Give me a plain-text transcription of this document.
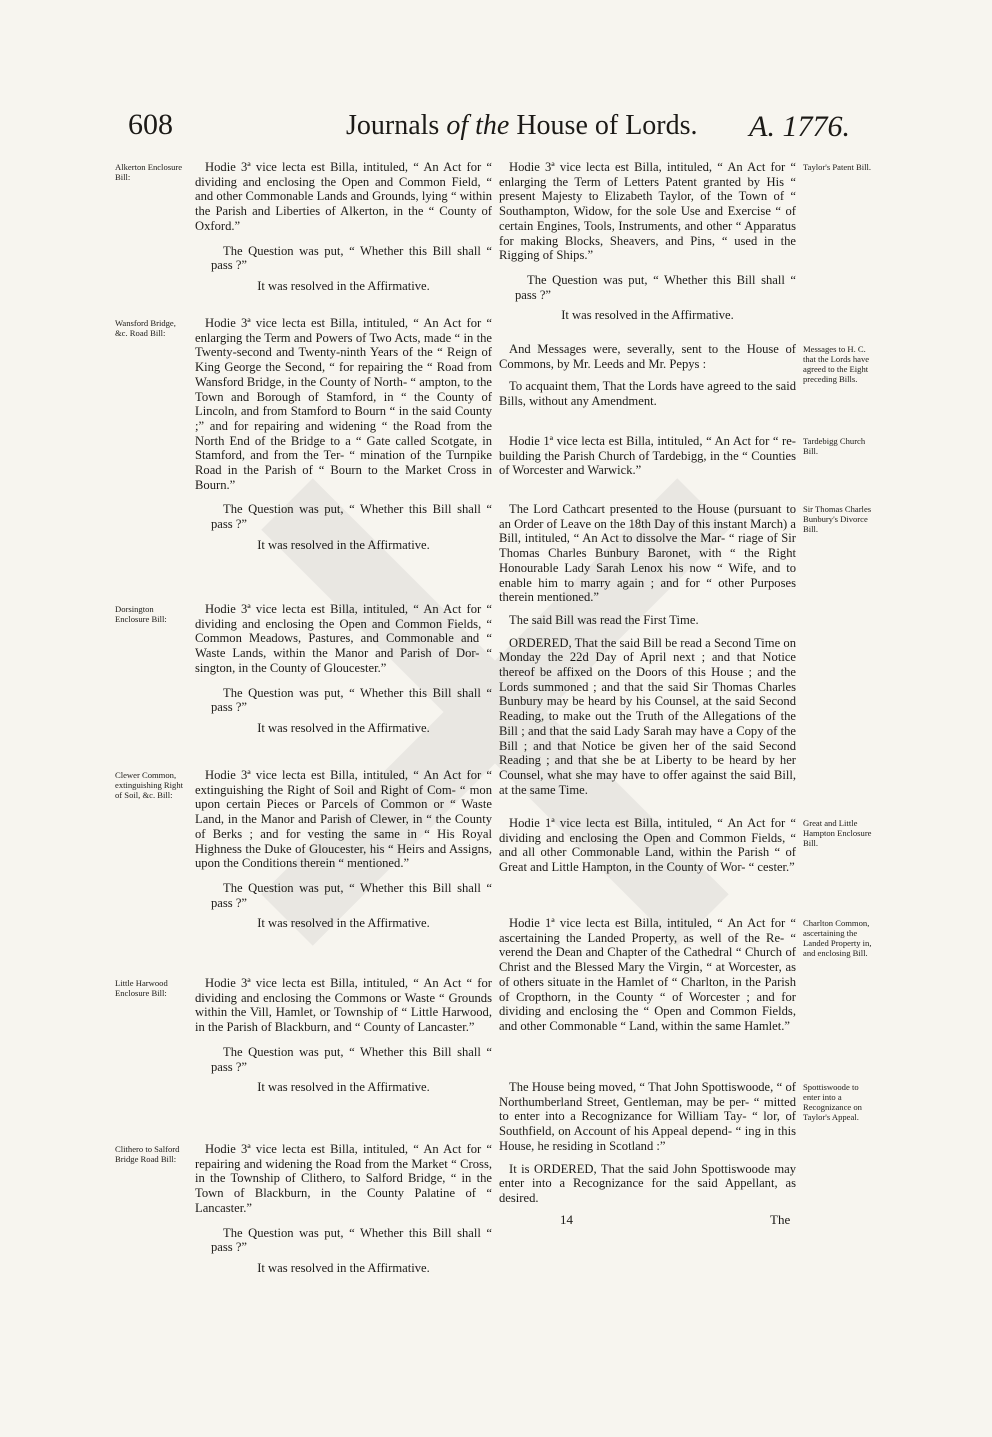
608	Journals of the House of Lords. A. 1776.
Alkerton Enclosure Bill:

Hodie 3ª vice lecta est Billa, intituled, “ An Act for “ dividing and enclosing the Open and Common Field, “ and other Commonable Lands and Grounds, lying “ within the Parish and Liberties of Alkerton, in the “ County of Oxford.”

The Question was put, “ Whether this Bill shall “ pass ?”

It was resolved in the Affirmative.

Wansford Bridge, &c. Road Bill:

Hodie 3ª vice lecta est Billa, intituled, “ An Act for “ enlarging the Term and Powers of Two Acts, made “ in the Twenty-second and Twenty-ninth Years of the “ Reign of King George the Second, “ for repairing the “ Road from Wansford Bridge, in the County of North- “ ampton, to the Town and Borough of Stamford, in “ the County of Lincoln, and from Stamford to Bourn “ in the said County ;” and for repairing and widening “ the Road from the North End of the Bridge to a “ Gate called Scotgate, in Stamford, and from the Ter- “ mination of the Turnpike Road in the Parish of “ Bourn to the Market Cross in Bourn.”

The Question was put, “ Whether this Bill shall “ pass ?”

It was resolved in the Affirmative.

Dorsington Enclosure Bill:

Hodie 3ª vice lecta est Billa, intituled, “ An Act for “ dividing and enclosing the Open and Common Fields, “ Common Meadows, Pastures, and Commonable and “ Waste Lands, within the Manor and Parish of Dor- “ sington, in the County of Gloucester.”

The Question was put, “ Whether this Bill shall “ pass ?”

It was resolved in the Affirmative.

Clewer Common, extinguishing Right of Soil, &c. Bill:

Hodie 3ª vice lecta est Billa, intituled, “ An Act for “ extinguishing the Right of Soil and Right of Com- “ mon upon certain Pieces or Parcels of Common or “ Waste Land, in the Manor and Parish of Clewer, in “ the County of Berks ; and for vesting the same in “ His Royal Highness the Duke of Gloucester, his “ Heirs and Assigns, upon the Conditions therein “ mentioned.”

The Question was put, “ Whether this Bill shall “ pass ?”

It was resolved in the Affirmative.

Little Harwood Enclosure Bill:

Hodie 3ª vice lecta est Billa, intituled, “ An Act “ for dividing and enclosing the Commons or Waste “ Grounds within the Vill, Hamlet, or Township of “ Little Harwood, in the Parish of Blackburn, and “ County of Lancaster.”

The Question was put, “ Whether this Bill shall “ pass ?”

It was resolved in the Affirmative.

Clithero to Salford Bridge Road Bill:

Hodie 3ª vice lecta est Billa, intituled, “ An Act for “ repairing and widening the Road from the Market “ Cross, in the Township of Clithero, to Salford Bridge, “ in the Town of Blackburn, in the County Palatine of “ Lancaster.”

The Question was put, “ Whether this Bill shall “ pass ?”

It was resolved in the Affirmative.

Taylor's Patent Bill.

Hodie 3ª vice lecta est Billa, intituled, “ An Act for “ enlarging the Term of Letters Patent granted by His “ present Majesty to Elizabeth Taylor, of the Town of “ Southampton, Widow, for the sole Use and Exercise “ of certain Engines, Tools, Instruments, and other “ Apparatus for making Blocks, Sheavers, and Pins, “ used in the Rigging of Ships.”

The Question was put, “ Whether this Bill shall “ pass ?”

It was resolved in the Affirmative.

Messages to H. C. that the Lords have agreed to the Eight preceding Bills.

And Messages were, severally, sent to the House of Commons, by Mr. Leeds and Mr. Pepys :

To acquaint them, That the Lords have agreed to the said Bills, without any Amendment.

Tardebigg Church Bill.

Hodie 1ª vice lecta est Billa, intituled, “ An Act for “ re-building the Parish Church of Tardebigg, in the “ Counties of Worcester and Warwick.”

Sir Thomas Charles Bunbury's Divorce Bill.

The Lord Cathcart presented to the House (pursuant to an Order of Leave on the 18th Day of this instant March) a Bill, intituled, “ An Act to dissolve the Mar- “ riage of Sir Thomas Charles Bunbury Baronet, with “ the Right Honourable Lady Sarah Lenox his now “ Wife, and to enable him to marry again ; and for “ other Purposes therein mentioned.”

The said Bill was read the First Time.

ORDERED, That the said Bill be read a Second Time on Monday the 22d Day of April next ; and that Notice thereof be affixed on the Doors of this House ; and the Lords summoned ; and that the said Sir Thomas Charles Bunbury may be heard by his Counsel, at the said Second Reading, to make out the Truth of the Allegations of the Bill ; and that the said Lady Sarah may have a Copy of the Bill ; and that Notice be given her of the said Second Reading ; and that she be at Liberty to be heard by her Counsel, what she may have to offer against the said Bill, at the same Time.

Great and Little Hampton Enclosure Bill.

Hodie 1ª vice lecta est Billa, intituled, “ An Act for “ dividing and enclosing the Open and Common Fields, “ and all other Commonable Land, within the Parish “ of Great and Little Hampton, in the County of Wor- “ cester.”

Charlton Common, ascertaining the Landed Property in, and enclosing Bill.

Hodie 1ª vice lecta est Billa, intituled, “ An Act for “ ascertaining the Landed Property, as well of the Re- “ verend the Dean and Chapter of the Cathedral “ Church of Christ and the Blessed Mary the Virgin, “ at Worcester, as of others situate in the Hamlet of “ Charlton, in the Parish of Cropthorn, in the County “ of Worcester ; and for dividing and enclosing the “ Open and Common Fields, and other Commonable “ Land, within the same Hamlet.”

Spottiswoode to enter into a Recognizance on Taylor's Appeal.

The House being moved, “ That John Spottiswoode, “ of Northumberland Street, Gentleman, may be per- “ mitted to enter into a Recognizance for William Tay- “ lor, of Southfield, on Account of his Appeal depend- “ ing in this House, he residing in Scotland :”

It is ORDERED, That the said John Spottiswoode may enter into a Recognizance for the said Appellant, as desired.

14	The
